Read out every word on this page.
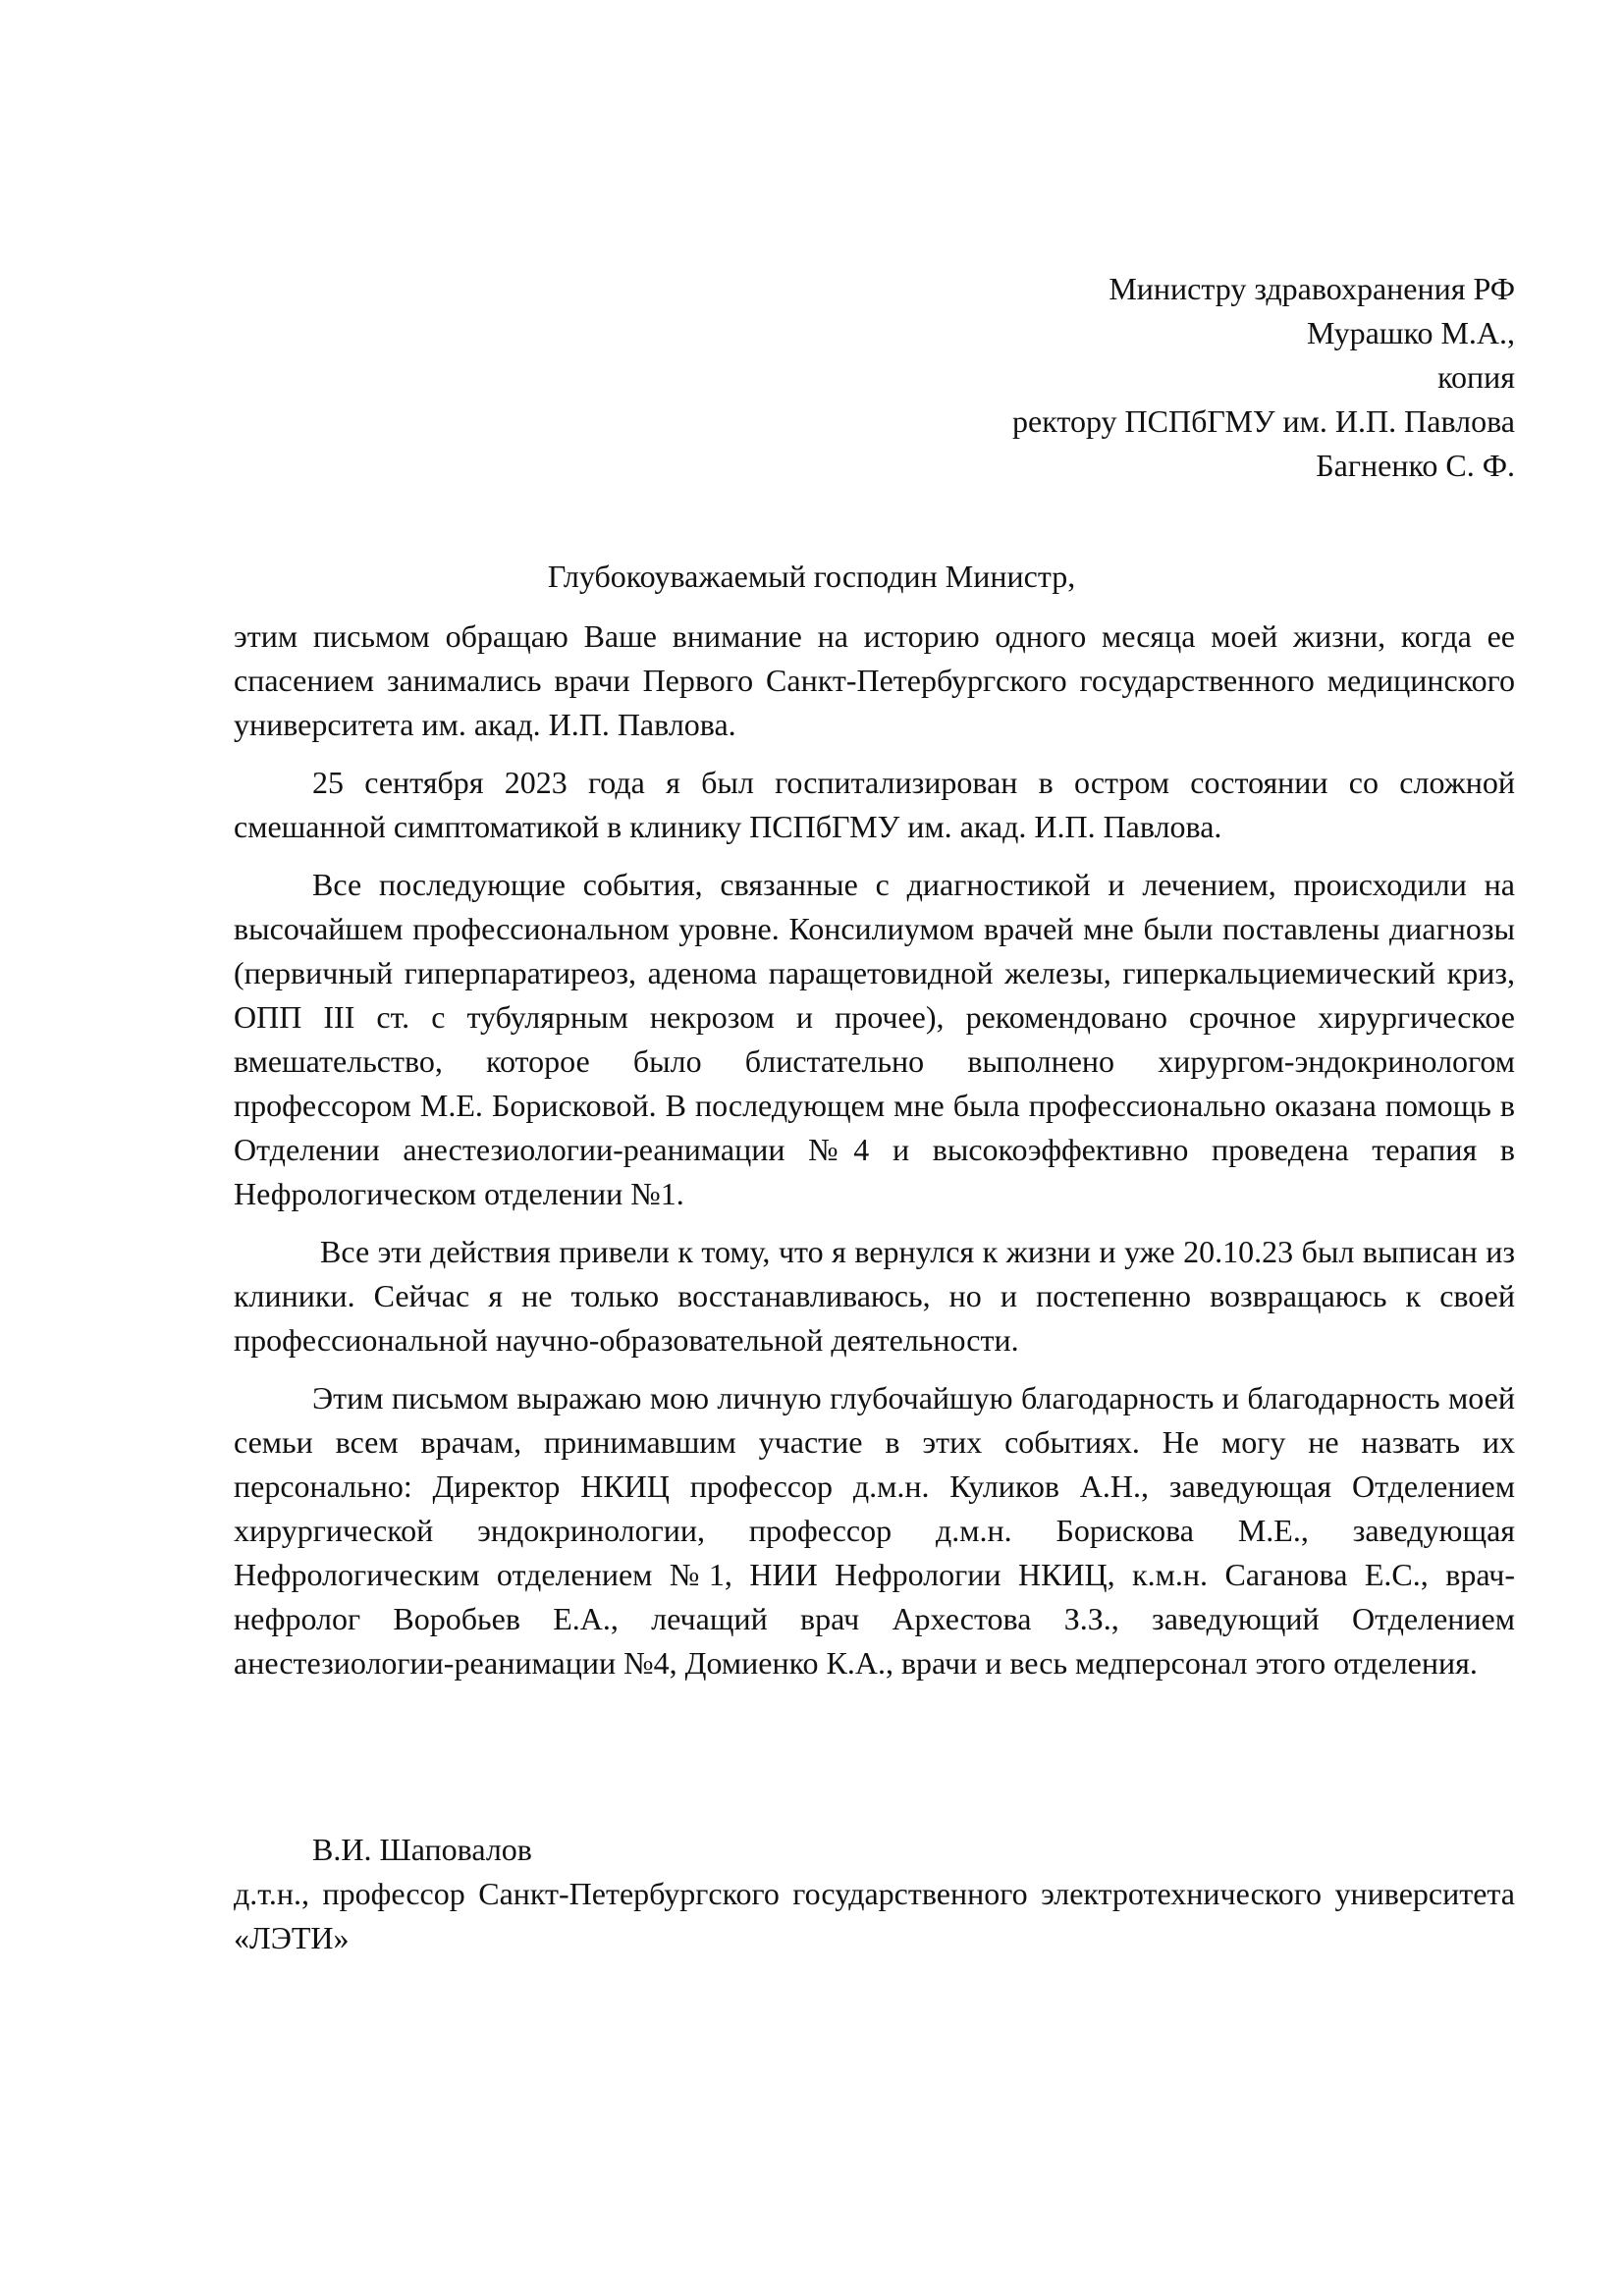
Министру здравохранения РФ
Мурашко М.А.,
копия
ректору ПСПбГМУ им. И.П. Павлова
Багненко С. Ф.
Глубокоуважаемый господин Министр,

этим письмом обращаю Ваше внимание на историю одного месяца моей жизни, когда ее спасением занимались врачи Первого Санкт-Петербургского государственного медицинского университета им. акад. И.П. Павлова.

25 сентября 2023 года я был госпитализирован в остром состоянии со сложной смешанной симптоматикой в клинику ПСПбГМУ им. акад. И.П. Павлова.

Все последующие события, связанные с диагностикой и лечением, происходили на высочайшем профессиональном уровне. Консилиумом врачей мне были поставлены диагнозы (первичный гиперпаратиреоз, аденома паращетовидной железы, гиперкальциемический криз, ОПП III ст. с тубулярным некрозом и прочее), рекомендовано срочное хирургическое вмешательство, которое было блистательно выполнено хирургом-эндокринологом профессором М.Е. Борисковой. В последующем мне была профессионально оказана помощь в Отделении анестезиологии-реанимации №4 и высокоэффективно проведена терапия в Нефрологическом отделении №1.

Все эти действия привели к тому, что я вернулся к жизни и уже 20.10.23 был выписан из клиники. Сейчас я не только восстанавливаюсь, но и постепенно возвращаюсь к своей профессиональной научно-образовательной деятельности.

Этим письмом выражаю мою личную глубочайшую благодарность и благодарность моей семьи всем врачам, принимавшим участие в этих событиях. Не могу не назвать их персонально: Директор НКИЦ профессор д.м.н. Куликов А.Н., заведующая Отделением хирургической эндокринологии, профессор д.м.н. Борискова М.Е., заведующая Нефрологическим отделением №1, НИИ Нефрологии НКИЦ, к.м.н. Саганова Е.С., врач-нефролог Воробьев Е.А., лечащий врач Архестова З.З., заведующий Отделением анестезиологии-реанимации №4, Домиенко К.А., врачи и весь медперсонал этого отделения.

В.И. Шаповалов
д.т.н., профессор Санкт-Петербургского государственного электротехнического университета «ЛЭТИ»
